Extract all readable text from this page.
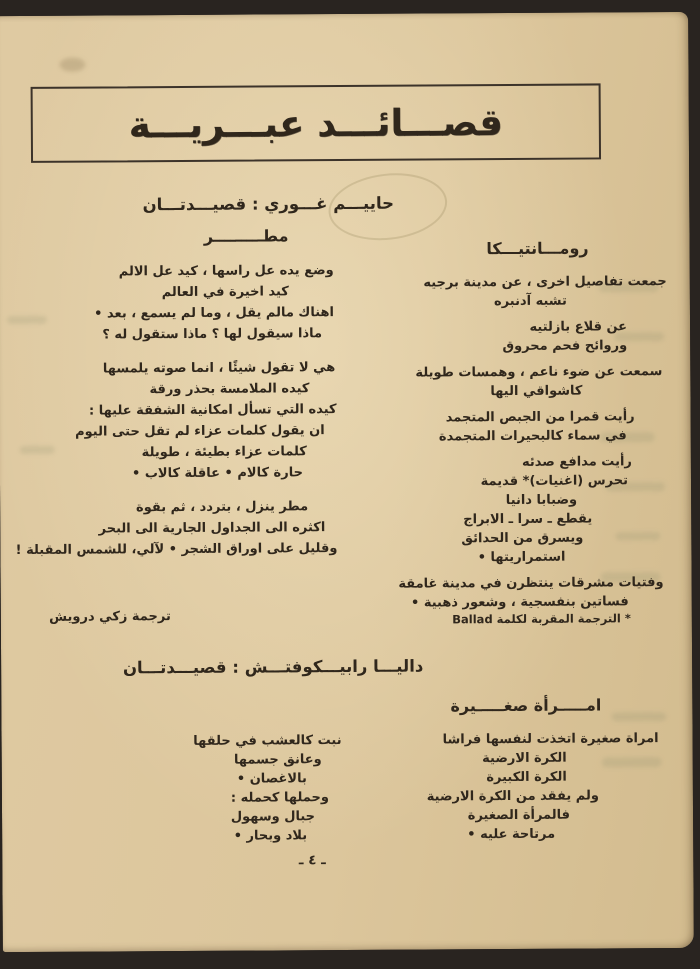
قصـــائـــد عبـــريـــة
حاييـــم غـــوري : قصيـــدتـــان
رومـــانتيـــكا
جمعت تفاصيل اخرى ، عن مدينة برجيه
تشبه آدنبره
عن قلاع بازلتيه
وروائح فحم محروق
سمعت عن ضوء ناعم ، وهمسات طويلة
كاشواقي اليها
رأيت قمرا من الجبص المتجمد
في سماء كالبحيرات المتجمدة
رأيت مدافع صدئه
تحرس (اغنيات)* قديمة
وضبابا دانيا
يقطع ـ سرا ـ الابراج
ويسرق من الحدائق
استمراريتها •
وفتيات مشرقات ينتظرن في مدينة غامقة
فساتين بنفسجية ، وشعور ذهبية •
مطـــــــــر
وضع يده عل راسها ، كيد عل الالم
كيد اخيرة في العالم
اهناك مالم يقل ، وما لم يسمع ، بعد •
ماذا سيقول لها ؟ ماذا ستقول له ؟
هي لا تقول شيئًا ، انما صوته يلمسها
كيده الملامسة بحذر ورقة
كيده التي تسأل امكانية الشفقة عليها :
ان يقول كلمات عزاء لم تقل حتى اليوم
كلمات عزاء بطيئة ، طويلة
حارة كالام • عاقلة كالاب •
مطر ينزل ، بتردد ، ثم بقوة
اكثره الى الجداول الجارية الى البحر
وقليل على اوراق الشجر • لآلي، للشمس المقبلة !
* الترجمة المقربة لكلمة Ballad
ترجمة زكي درويش
داليـــا رابيـــكوفتـــش : قصيـــدتـــان
امـــــرأة صغـــــيرة
امراة صغيرة اتخذت لنفسها فراشا
الكرة الارضية
الكرة الكبيرة
ولم يفقد من الكرة الارضية
فالمرأة الصغيرة
مرتاحة عليه •
نبت كالعشب في حلقها
وعانق جسمها
بالاغصان •
وحملها كحمله :
جبال وسهول
بلاد وبحار •
ـ ٤ ـ
